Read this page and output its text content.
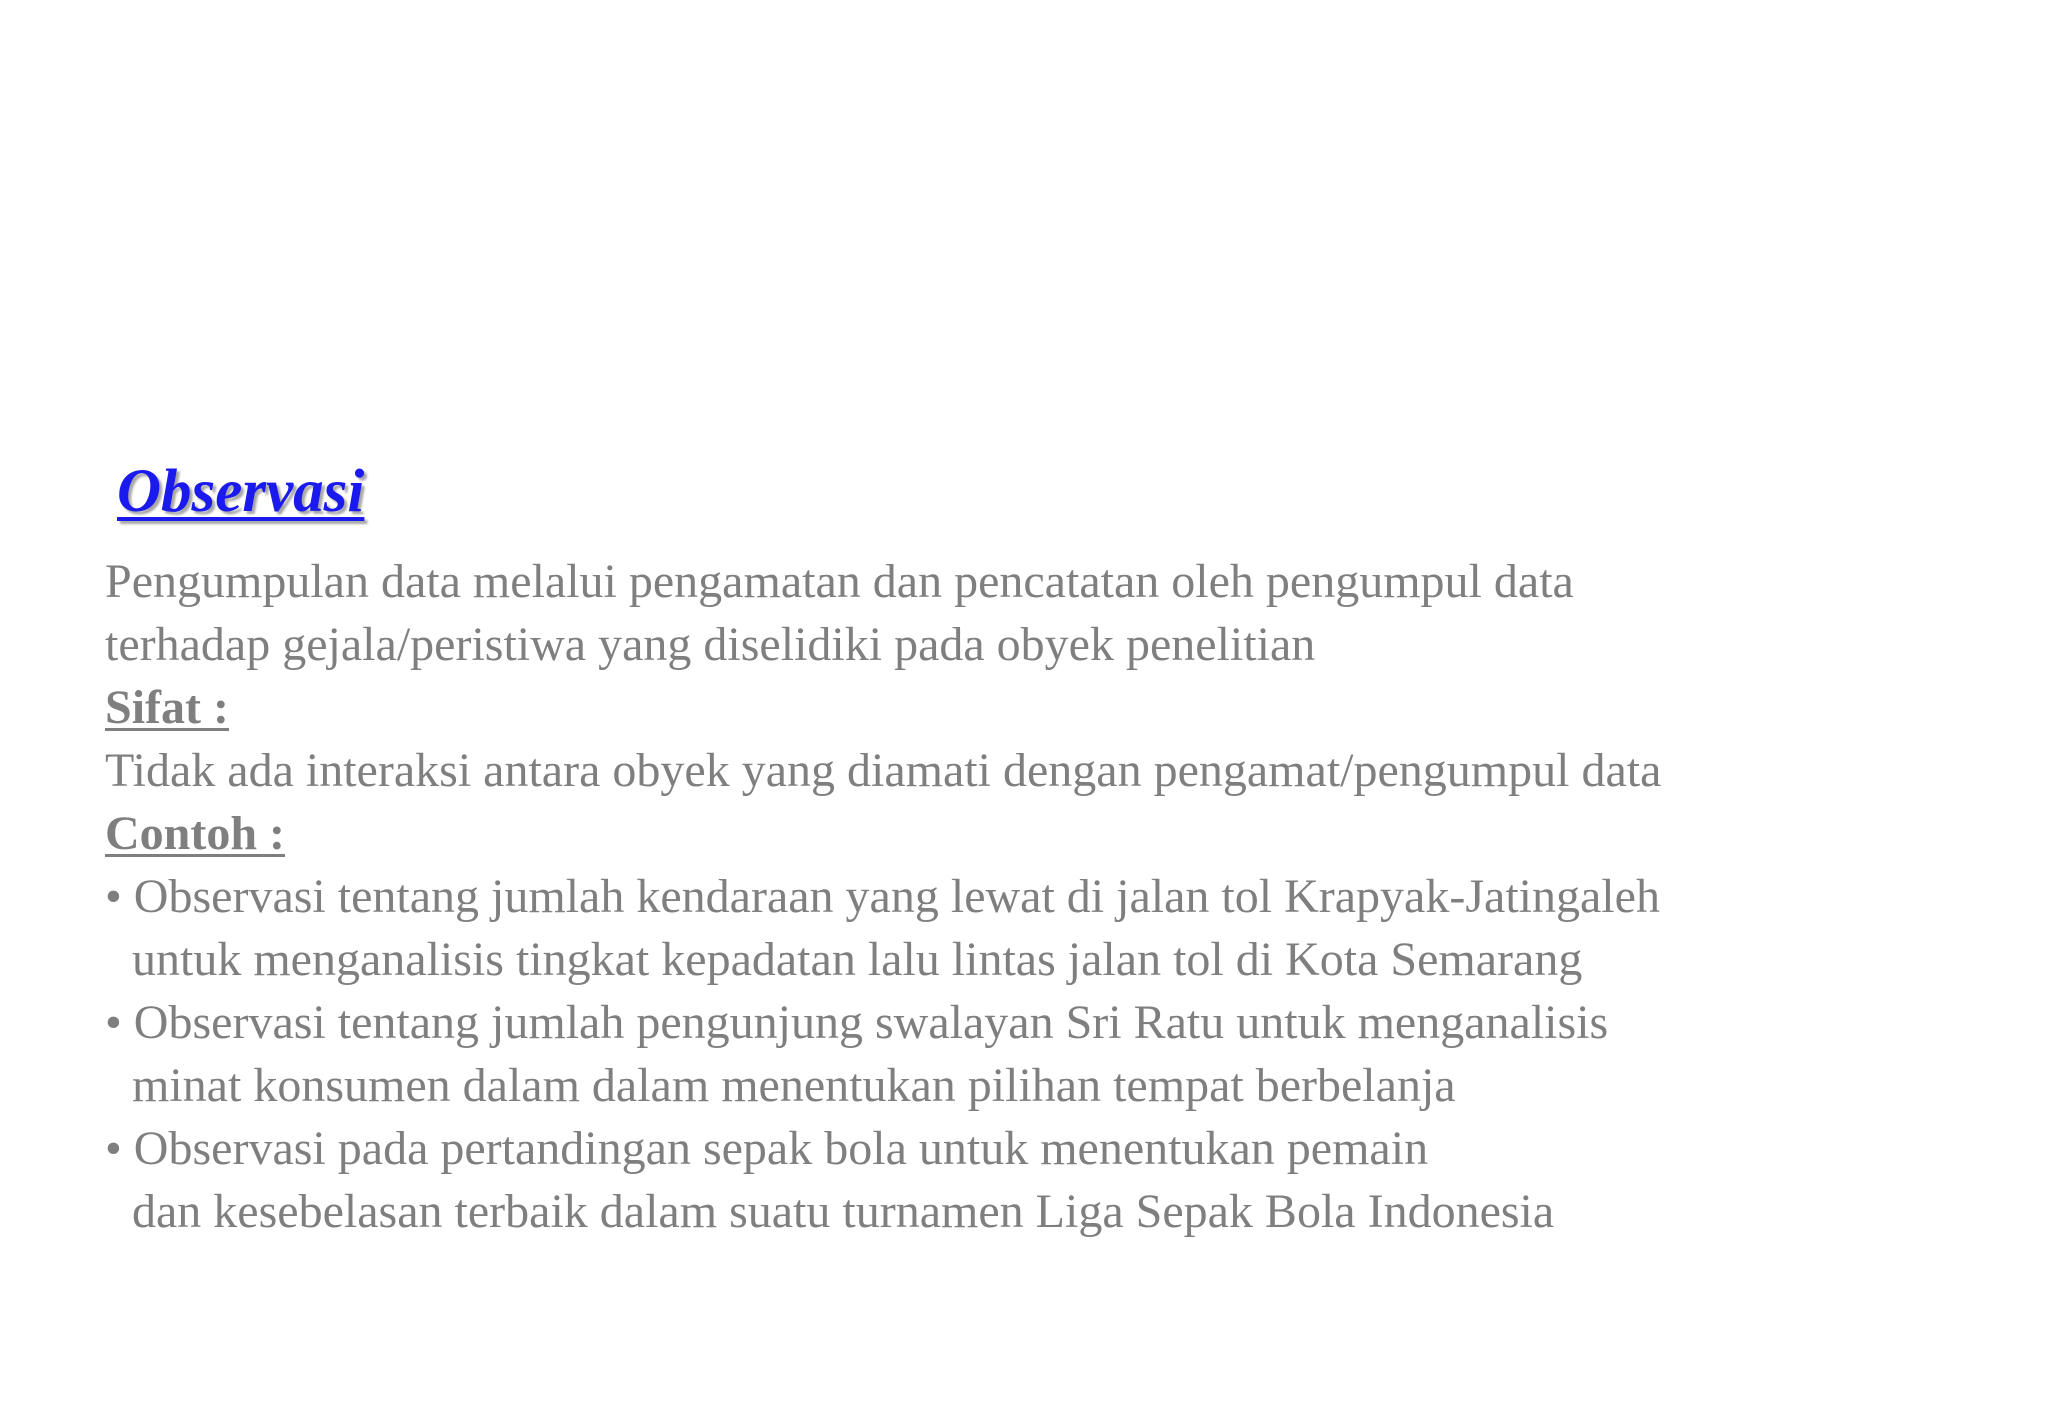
Observasi
Pengumpulan data melalui pengamatan dan pencatatan oleh pengumpul data
terhadap gejala/peristiwa yang diselidiki pada obyek penelitian
Sifat :
Tidak ada interaksi antara obyek yang diamati dengan pengamat/pengumpul data
Contoh :
• Observasi tentang jumlah kendaraan yang lewat di jalan tol Krapyak-Jatingaleh
untuk menganalisis tingkat kepadatan lalu lintas jalan tol di Kota Semarang
• Observasi tentang jumlah pengunjung swalayan Sri Ratu untuk menganalisis
minat konsumen dalam dalam menentukan pilihan tempat berbelanja
• Observasi pada pertandingan sepak bola untuk menentukan pemain
dan kesebelasan terbaik dalam suatu turnamen Liga Sepak Bola Indonesia
